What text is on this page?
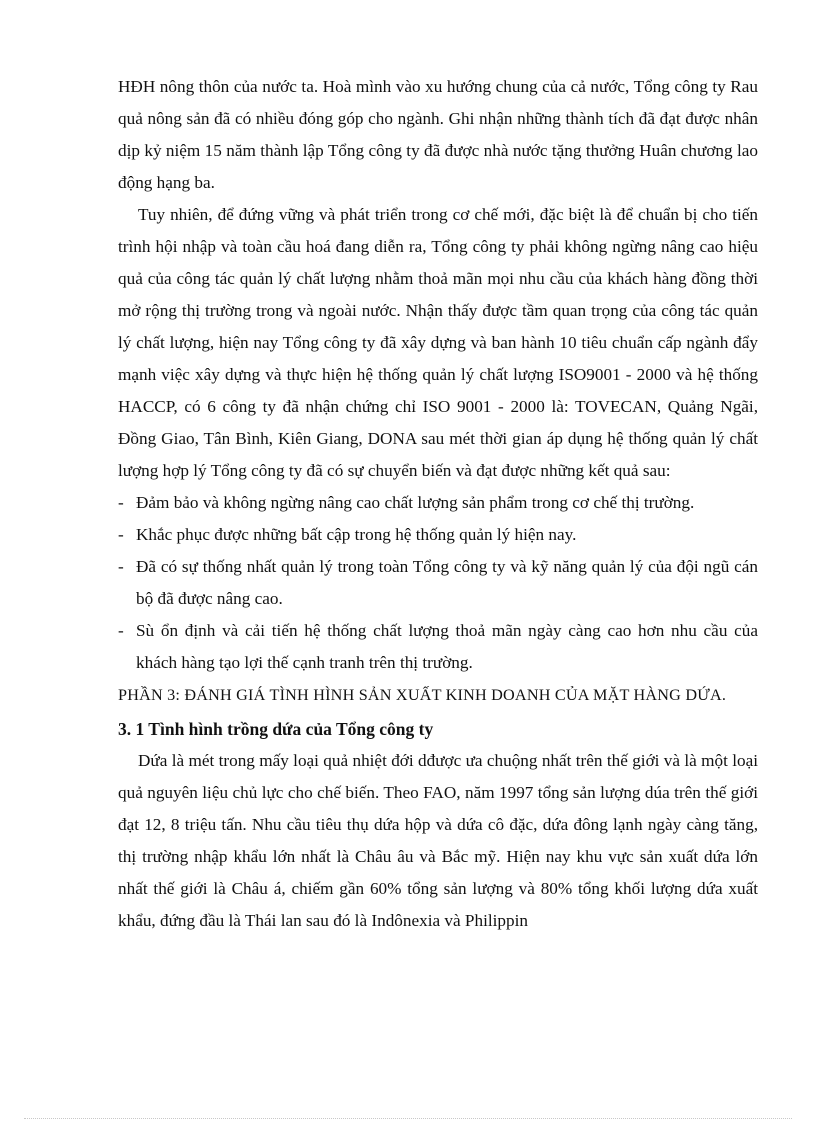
HĐH nông thôn của nước ta. Hoà mình vào xu hướng chung của cả nước, Tổng công ty Rau quả nông sản đã có nhiều đóng góp cho ngành. Ghi nhận những thành tích đã đạt được nhân dịp kỷ niệm 15 năm thành lập Tổng công ty đã được nhà nước tặng thưởng Huân chương lao động hạng ba.

Tuy nhiên, để đứng vững và phát triển trong cơ chế mới, đặc biệt là để chuẩn bị cho tiến trình hội nhập và toàn cầu hoá đang diễn ra, Tổng công ty phải không ngừng nâng cao hiệu quả của công tác quản lý chất lượng nhằm thoả mãn mọi nhu cầu của khách hàng đồng thời mở rộng thị trường trong và ngoài nước. Nhận thấy được tầm quan trọng của công tác quản lý chất lượng, hiện nay Tổng công ty đã xây dựng và ban hành 10 tiêu chuẩn cấp ngành đẩy mạnh việc xây dựng và thực hiện hệ thống quản lý chất lượng ISO9001 - 2000 và hệ thống HACCP, có 6 công ty đã nhận chứng chỉ ISO 9001 - 2000 là: TOVECAN, Quảng Ngãi, Đồng Giao, Tân Bình, Kiên Giang, DONA sau mét thời gian áp dụng hệ thống quản lý chất lượng hợp lý Tổng công ty đã có sự chuyển biến và đạt được những kết quả sau:

- Đảm bảo và không ngừng nâng cao chất lượng sản phẩm trong cơ chế thị trường.
- Khắc phục được những bất cập trong hệ thống quản lý hiện nay.
- Đã có sự thống nhất quản lý trong toàn Tổng công ty và kỹ năng quản lý của đội ngũ cán bộ đã được nâng cao.
- Sù ổn định và cải tiến hệ thống chất lượng thoả mãn ngày càng cao hơn nhu cầu của khách hàng tạo lợi thế cạnh tranh trên thị trường.

PHẦN 3: ĐÁNH GIÁ TÌNH HÌNH SẢN XUẤT KINH DOANH CỦA MẶT HÀNG DỨA.

3. 1 Tình hình trồng dứa của Tổng công ty

Dứa là mét trong mấy loại quả nhiệt đới dđược ưa chuộng nhất trên thế giới và là một loại quả nguyên liệu chủ lực cho chế biến. Theo FAO, năm 1997 tổng sản lượng dúa trên thế giới đạt 12, 8 triệu tấn. Nhu cầu tiêu thụ dứa hộp và dứa cô đặc, dứa đông lạnh ngày càng tăng, thị trường nhập khẩu lớn nhất là Châu âu và Bắc mỹ. Hiện nay khu vực sản xuất dứa lớn nhất thế giới là Châu á, chiếm gần 60% tổng sản lượng và 80% tổng khối lượng dứa xuất khẩu, đứng đầu là Thái lan sau đó là Indônexia và Philippin
